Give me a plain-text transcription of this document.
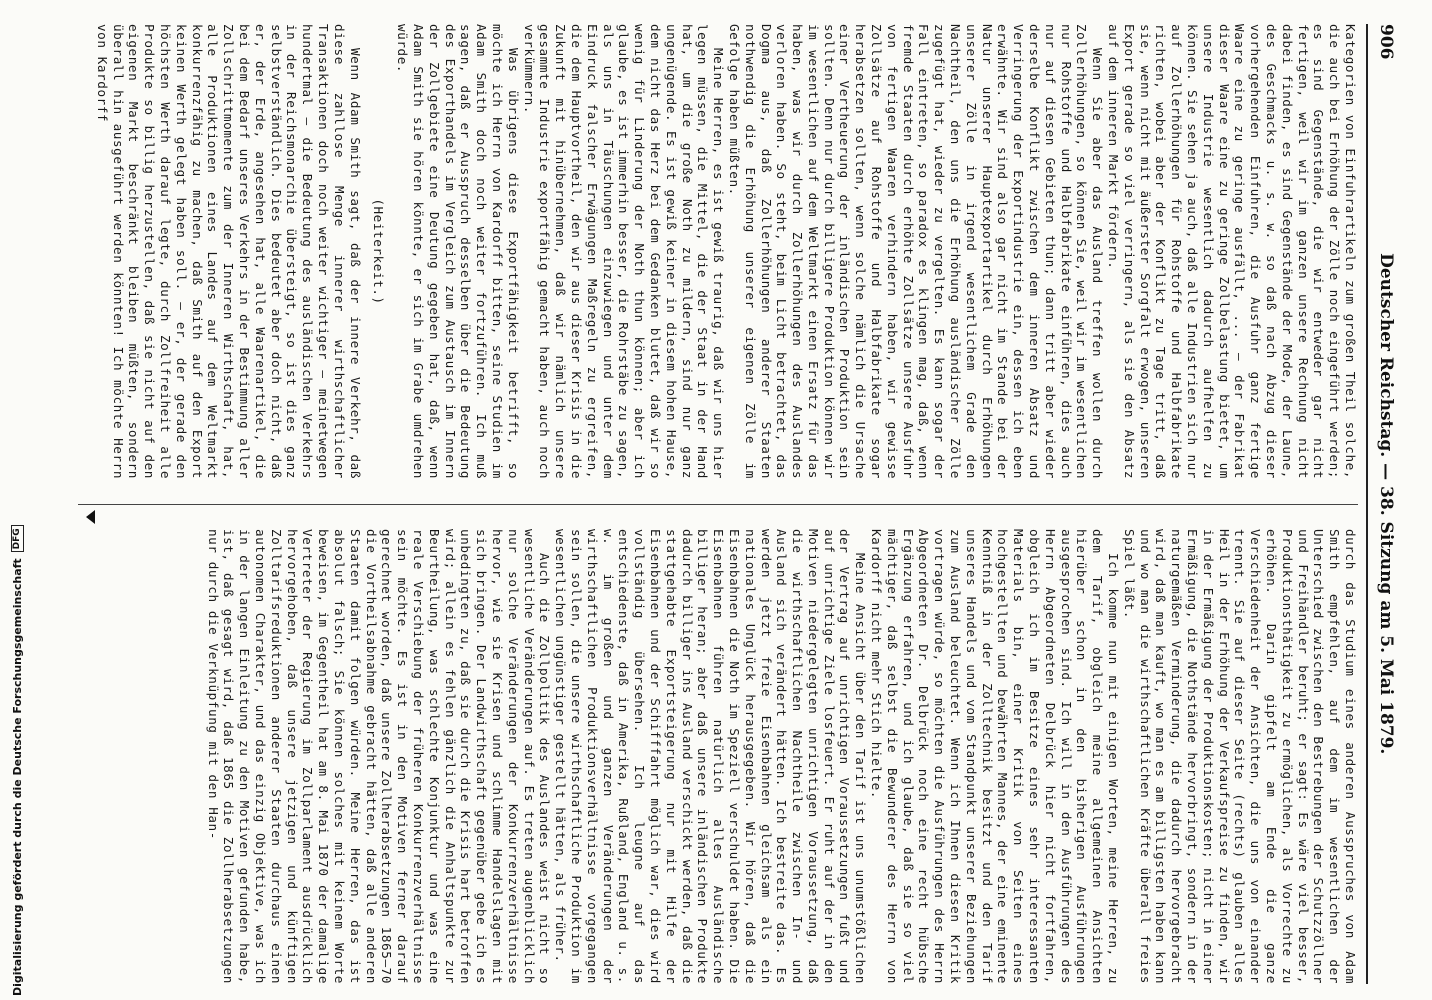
906
Deutscher Reichstag. — 38. Sitzung am 5. Mai 1879.

Kategorien von Einfuhrartikeln zum großen Theil solche, die auch bei Erhöhung der Zölle noch eingeführt werden; es sind Gegenstände, die wir entweder gar nicht fertigen, weil wir im ganzen unsere Rechnung nicht dabei finden, es sind Gegenstände der Mode, der Laune, des Geschmacks u. s. w. so daß nach Abzug dieser vorhergehenden Einfuhren, die Ausfuhr ganz fertige Waare eine zu geringe ausfällt, ... — der Fabrikat dieser Waare eine zu geringe Zollbelastung bietet, um unsere Industrie wesentlich dadurch aufhelfen zu können. Sie sehen ja auch, daß alle Industrien sich nur auf Zollerhöhungen für Rohstoffe und Halbfabrikate richten, wobei aber der Konflikt zu Tage tritt, daß sie, wenn nicht mit äußerster Sorgfalt erwogen, unseren Export gerade so viel verringern, als sie den Absatz auf dem inneren Markt fördern.

Wenn Sie aber das Ausland treffen wollen durch Zollerhöhungen, so können Sie, weil wir im wesentlichen nur Rohstoffe und Halbfabrikate einführen, dies auch nur auf diesen Gebieten thun; dann tritt aber wieder derselbe Konflikt zwischen dem inneren Absatz und Verringerung der Exportindustrie ein, dessen ich eben erwähnte. Wir sind also gar nicht im Stande bei der Natur unserer Hauptexportartikel durch Erhöhungen unserer Zölle in irgend wesentlichem Grade den Nachtheil, den uns die Erhöhung ausländischer Zölle zugefügt hat, wieder zu vergelten. Es kann sogar der Fall eintreten, so paradox es klingen mag, daß, wenn fremde Staaten durch erhöhte Zollsätze unsere Ausfuhr von fertigen Waaren verhindern haben, wir gewisse Zollsätze auf Rohstoffe und Halbfabrikate sogar herabsetzen sollten, wenn solche nämlich die Ursache einer Vertheuerung der inländischen Produktion sein sollten. Denn nur durch billigere Produktion können wir im wesentlichen auf dem Weltmarkt einen Ersatz für das haben, was wir durch Zollerhöhungen des Auslandes verloren haben. So steht, beim Licht betrachtet, das Dogma aus, daß Zollerhöhungen anderer Staaten nothwendig die Erhöhung unserer eigenen Zölle im Gefolge haben müßten.

Meine Herren, es ist gewiß traurig, daß wir uns hier legen müssen, die Mittel, die der Staat in der Hand hat, um die große Noth zu mildern, sind nur ganz ungenügende. Es ist gewiß keiner in diesem hohen Hause, dem nicht das Herz bei dem Gedanken blutet, daß wir so wenig für Linderung der Noth thun können; aber ich glaube, es ist immerhin besser, die Rohrstäbe zu sagen, als uns in Täuschungen einzuwiegen und unter dem Eindruck falscher Erwägungen Maßregeln zu ergreifen, die dem Hauptvortheil, den wir aus dieser Krisis in die Zukunft mit hinübernehmen, daß wir nämlich unsere gesammte Industrie exportfähig gemacht haben, auch noch verkümmern.

Was übrigens diese Exportfähigkeit betrifft, so möchte ich Herrn von Kardorff bitten, seine Studien im Adam Smith doch noch weiter fortzuführen. Ich muß sagen, daß er Ausspruch desselben über die Bedeutung des Exporthandels im Vergleich zum Austausch im Innern der Zollgebiete eine Deutung gegeben hat, daß, wenn Adam Smith sie hören könnte, er sich im Grabe umdrehen würde.

(Heiterkeit.)

Wenn Adam Smith sagt, daß der innere Verkehr, daß diese zahllose Menge innerer wirthschaftlicher Transaktionen doch noch weiter wichtiger — meinetwegen hundertmal — die Bedeutung des ausländischen Verkehrs in der Reichsmonarchie übersteigt, so ist dies ganz selbstverständlich. Dies bedeutet aber doch nicht, daß er, der Erde, angesehen hat, alle Waarenartikel, die bei dem Bedarf unseres Verkehrs in der Bestimmung aller Zollschrittmomente zum der Inneren Wirthschaft, hat, alle Produktionen eines Landes auf dem Weltmarkt konkurrenzfähig zu machen, daß Smith auf den Export keinen Werth gelegt haben soll. — er, der gerade den höchsten Werth darauf legte, durch Zollfreiheit alle Produkte so billig herzustellen, daß sie nicht auf den eigenen Markt beschränkt bleiben müßten, sondern überall hin ausgeführt werden könnten! Ich möchte Herrn von Kardorff

durch das Studium eines anderen Ausspruches von Adam Smith empfehlen, auf dem im wesentlichen der Unterschied zwischen den Bestrebungen der Schutzzöllner und Freihändler beruht; er sagt: Es wäre viel besser, Produktionsthätigkeit zu ermöglichen, als Vorrechte zu erhöhen. Darin gipfelt am Ende die ganze Verschiedenheit der Ansichten, die uns von einander trennt. Sie auf dieser Seite (rechts) glauben alles Heil in der Erhöhung der Verkaufspreise zu finden, wir in der Ermäßigung der Produktionskosten; nicht in einer Ermäßigung, die Nothstände hervorbringt, sondern in der naturgemäßen Verminderung, die dadurch hervorgebracht wird, daß man kauft, wo man es am billigsten haben kann und wo man die wirthschaftlichen Kräfte überall freies Spiel läßt.

Ich komme nun mit einigen Worten, meine Herren, zu dem Tarif, obgleich meine allgemeinen Ansichten hierüber schon in den bisherigen Ausführungen ausgesprochen sind. Ich will in den Ausführungen des Herrn Abgeordneten Delbrück hier nicht fortfahren, obgleich ich im Besitze eines sehr interessanten Materials bin, einer Kritik von Seiten eines hochgestellten und bewährten Mannes, der eine eminente Kenntniß in der Zolltechnik besitzt und den Tarif unseres Handels und vom Standpunkt unserer Beziehungen zum Ausland beleuchtet. Wenn ich Ihnen diesen Kritik vortragen würde, so möchten die Ausführungen des Herrn Abgeordneten Dr. Delbrück noch eine recht hübsche Ergänzung erfahren, und ich glaube, daß sie so viel mächtiger, daß selbst die Bewunderer des Herrn von Kardorff nicht mehr Stich hielte.

Meine Ansicht über den Tarif ist uns unumstößlichen der Vertrag auf unrichtigen Voraussetzungen fußt und auf unrichtige Ziele losfeuert. Er ruht auf der in den Motiven niedergelegten unrichtigen Voraussetzung, daß die wirthschaftlichen Nachtheile zwischen In- und Ausland sich verändert hätten. Ich bestreite das. Es werden jetzt freie Eisenbahnen gleichsam als ein nationales Unglück herausgegeben. Wir hören, daß die Eisenbahnen die Noth im Speziell verschuldet haben. Die Eisenbahnen führen natürlich alles Ausländische billiger heran; aber daß unsere inländischen Produkte dadurch billiger ins Ausland verschickt werden, daß die stattgehabte Exportsteigerung nur mit Hilfe der Eisenbahnen und der Schifffahrt möglich war, dies wird vollständig übersehen. Ich leugne auf das entschiedenste, daß in Amerika, Rußland, England u. s. w. im großen und ganzen Veränderungen der wirthschaftlichen Produktionsverhältnisse vorgegangen sein sollen, die unsere wirthschaftliche Produktion im wesentlichen ungünstiger gestellt hätten, als früher.

Auch die Zollpolitik des Auslandes weist nicht so wesentliche Veränderungen auf. Es treten augenblicklich nur solche Veränderungen der Konkurrenzverhältnisse hervor, wie sie Krisen und schlimme Handelslagen mit sich bringen. Der Landwirthschaft gegenüber gebe ich es unbedingten zu, daß sie durch die Krisis hart betroffen wird; allein es fehlen gänzlich die Anhaltspunkte zur Beurtheilung, was schlechte Konjunktur und was eine reale Verschiebung der früheren Konkurrenzverhältnisse sein möchte. Es ist in den Motiven ferner darauf gerechnet worden, daß unsere Zollherabsetzungen 1865—70 die Vortheilsabnahme gebracht hätten, daß alle anderen Staaten damit folgen würden. Meine Herren, das ist absolut falsch; Sie können solches mit keinem Worte beweisen, im Gegentheil hat am 8. Mai 1870 der damalige Vertreter der Regierung im Zollparlament ausdrücklich hervorgehoben, daß unsere jetzigen und künftigen Zolltarifsreduktionen anderer Staaten durchaus einen autonomen Charakter, und das einzig Objektive, was ich in der langen Einleitung zu den Motiven gefunden habe, ist, daß gesagt wird, daß 1865 die Zollherabsetzungen nur durch die Verknüpfung mit den Han-

Digitalisierung gefördert durch die Deutsche Forschungsgemeinschaft
DFG
